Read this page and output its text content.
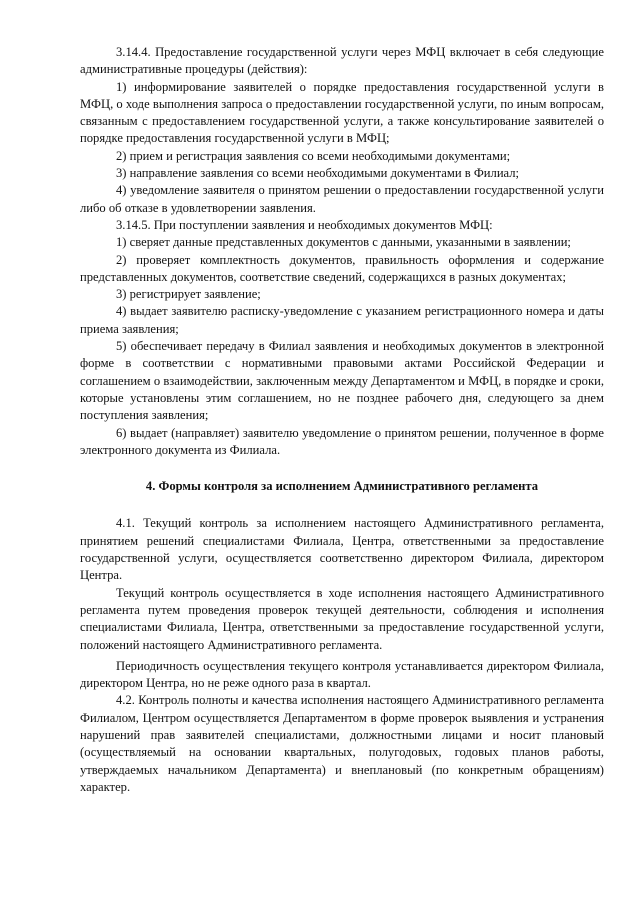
3.14.4. Предоставление государственной услуги через МФЦ включает в себя следующие административные процедуры (действия):

1) информирование заявителей о порядке предоставления государственной услуги в МФЦ, о ходе выполнения запроса о предоставлении государственной услуги, по иным вопросам, связанным с предоставлением государственной услуги, а также консультирование заявителей о порядке предоставления государственной услуги в МФЦ;

2) прием и регистрация заявления со всеми необходимыми документами;

3) направление заявления со всеми необходимыми документами в Филиал;

4) уведомление заявителя о принятом решении о предоставлении государственной услуги либо об отказе в удовлетворении заявления.

3.14.5. При поступлении заявления и необходимых документов МФЦ:

1) сверяет данные представленных документов с данными, указанными в заявлении;

2) проверяет комплектность документов, правильность оформления и содержание представленных документов, соответствие сведений, содержащихся в разных документах;

3) регистрирует заявление;

4) выдает заявителю расписку-уведомление с указанием регистрационного номера и даты приема заявления;

5) обеспечивает передачу в Филиал заявления и необходимых документов в электронной форме в соответствии с нормативными правовыми актами Российской Федерации и соглашением о взаимодействии, заключенным между Департаментом и МФЦ, в порядке и сроки, которые установлены этим соглашением, но не позднее рабочего дня, следующего за днем поступления заявления;

6) выдает (направляет) заявителю уведомление о принятом решении, полученное в форме электронного документа из Филиала.

4. Формы контроля за исполнением Административного регламента

4.1. Текущий контроль за исполнением настоящего Административного регламента, принятием решений специалистами Филиала, Центра, ответственными за предоставление государственной услуги, осуществляется соответственно директором Филиала, директором Центра.

Текущий контроль осуществляется в ходе исполнения настоящего Административного регламента путем проведения проверок текущей деятельности, соблюдения и исполнения специалистами Филиала, Центра, ответственными за предоставление государственной услуги, положений настоящего Административного регламента.

Периодичность осуществления текущего контроля устанавливается директором Филиала, директором Центра, но не реже одного раза в квартал.

4.2. Контроль полноты и качества исполнения настоящего Административного регламента Филиалом, Центром осуществляется Департаментом в форме проверок выявления и устранения нарушений прав заявителей специалистами, должностными лицами и носит плановый (осуществляемый на основании квартальных, полугодовых, годовых планов работы, утверждаемых начальником Департамента) и внеплановый (по конкретным обращениям) характер.
